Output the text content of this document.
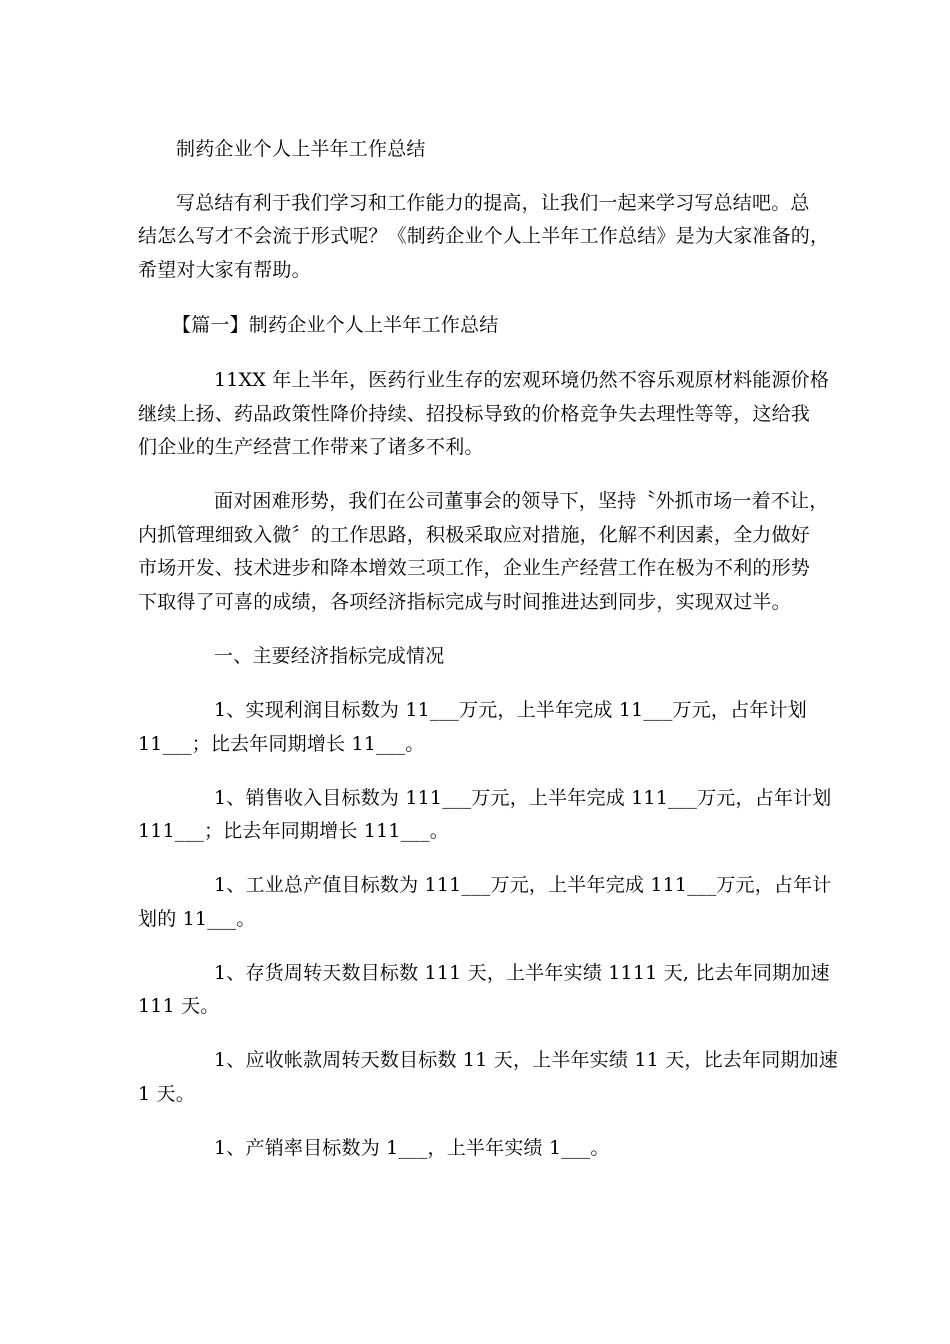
制药企业个人上半年工作总结
写总结有利于我们学习和工作能力的提高，让我们一起来学习写总结吧。总
结怎么写才不会流于形式呢？《制药企业个人上半年工作总结》是为大家准备的，
希望对大家有帮助。
【篇一】制药企业个人上半年工作总结
11XX 年上半年，医药行业生存的宏观环境仍然不容乐观原材料能源价格
继续上扬、药品政策性降价持续、招投标导致的价格竞争失去理性等等，这给我
们企业的生产经营工作带来了诸多不利。
面对困难形势，我们在公司董事会的领导下，坚持〝外抓市场一着不让，
内抓管理细致入微〞的工作思路，积极采取应对措施，化解不利因素，全力做好
市场开发、技术进步和降本增效三项工作，企业生产经营工作在极为不利的形势
下取得了可喜的成绩，各项经济指标完成与时间推进达到同步，实现双过半。
一、主要经济指标完成情况
1、实现利润目标数为 11___万元，上半年完成 11___万元，占年计划
11___；比去年同期增长 11___。
1、销售收入目标数为 111___万元，上半年完成 111___万元，占年计划
111___；比去年同期增长 111___。
1、工业总产值目标数为 111___万元，上半年完成 111___万元，占年计
划的 11___。
1、存货周转天数目标数 111 天，上半年实绩 1111 天, 比去年同期加速
111 天。
1、应收帐款周转天数目标数 11 天，上半年实绩 11 天，比去年同期加速
1 天。
1、产销率目标数为 1___，上半年实绩 1___。
